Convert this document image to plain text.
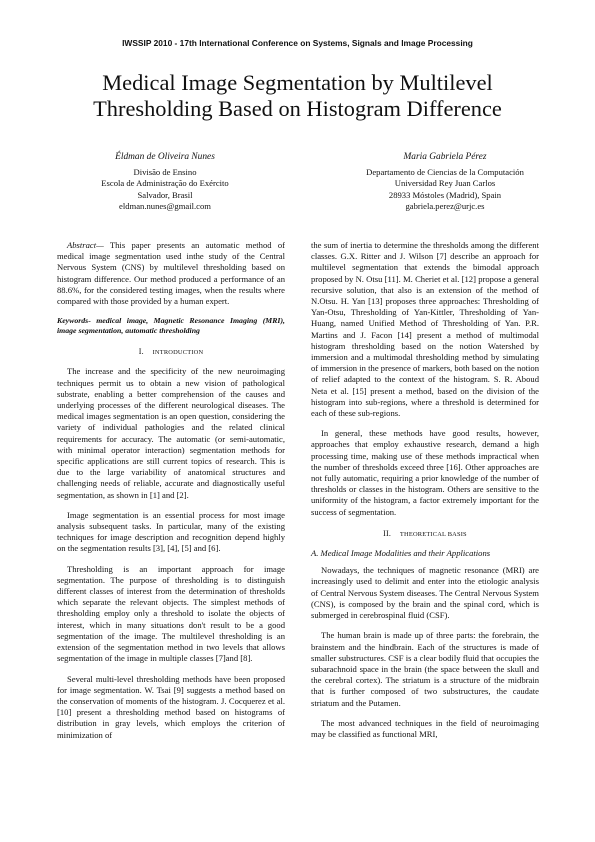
IWSSIP 2010 - 17th International Conference on Systems, Signals and Image Processing
Medical Image Segmentation by Multilevel
Thresholding Based on Histogram Difference
Éldman de Oliveira Nunes
Divisão de Ensino
Escola de Administração do Exército
Salvador, Brasil
eldman.nunes@gmail.com
Maria Gabriela Pérez
Departamento de Ciencias de la Computación
Universidad Rey Juan Carlos
28933 Móstoles (Madrid), Spain
gabriela.perez@urjc.es

Abstract— This paper presents an automatic method of medical image segmentation used inthe study of the Central Nervous System (CNS) by multilevel thresholding based on histogram difference. Our method produced a performance of an 88.6%, for the considered testing images, when the results where compared with those provided by a human expert.

Keywords- medical image, Magnetic Resonance Imaging (MRI), image segmentation, automatic thresholding

I. INTRODUCTION

The increase and the specificity of the new neuroimaging techniques permit us to obtain a new vision of pathological substrate, enabling a better comprehension of the causes and underlying processes of the different neurological diseases. The medical images segmentation is an open question, considering the variety of individual pathologies and the related clinical requirements for accuracy. The automatic (or semi-automatic, with minimal operator interaction) segmentation methods for specific applications are still current topics of research. This is due to the large variability of anatomical structures and challenging needs of reliable, accurate and diagnostically useful segmentation, as shown in [1] and [2].

Image segmentation is an essential process for most image analysis subsequent tasks. In particular, many of the existing techniques for image description and recognition depend highly on the segmentation results [3], [4], [5] and [6].

Thresholding is an important approach for image segmentation. The purpose of thresholding is to distinguish different classes of interest from the determination of thresholds which separate the relevant objects. The simplest methods of thresholding employ only a threshold to isolate the objects of interest, which in many situations don't result to be a good segmentation of the image. The multilevel thresholding is an extension of the segmentation method in two levels that allows segmentation of the image in multiple classes [7]and [8].

Several multi-level thresholding methods have been proposed for image segmentation. W. Tsai [9] suggests a method based on the conservation of moments of the histogram. J. Cocquerez et al. [10] present a thresholding method based on histograms of distribution in gray levels, which employs the criterion of minimization of

the sum of inertia to determine the thresholds among the different classes. G.X. Ritter and J. Wilson [7] describe an approach for multilevel segmentation that extends the bimodal approach proposed by N. Otsu [11]. M. Cheriet et al. [12] propose a general recursive solution, that also is an extension of the method of N.Otsu. H. Yan [13] proposes three approaches: Thresholding of Yan-Otsu, Thresholding of Yan-Kittler, Thresholding of Yan-Huang, named Unified Method of Thresholding of Yan. P.R. Martins and J. Facon [14] present a method of multimodal histogram thresholding based on the notion Watershed by immersion and a multimodal thresholding method by simulating of immersion in the presence of markers, both based on the notion of relief adapted to the context of the histogram. S. R. Aboud Neta et al. [15] present a method, based on the division of the histogram into sub-regions, where a threshold is determined for each of these sub-regions.

In general, these methods have good results, however, approaches that employ exhaustive research, demand a high processing time, making use of these methods impractical when the number of thresholds exceed three [16]. Other approaches are not fully automatic, requiring a prior knowledge of the number of thresholds or classes in the histogram. Others are sensitive to the uniformity of the histogram, a factor extremely important for the success of segmentation.

II. THEORETICAL BASIS
A. Medical Image Modalities and their Applications

Nowadays, the techniques of magnetic resonance (MRI) are increasingly used to delimit and enter into the etiologic analysis of Central Nervous System diseases. The Central Nervous System (CNS), is composed by the brain and the spinal cord, which is submerged in cerebrospinal fluid (CSF).

The human brain is made up of three parts: the forebrain, the brainstem and the hindbrain. Each of the structures is made of smaller substructures. CSF is a clear bodily fluid that occupies the subarachnoid space in the brain (the space between the skull and the cerebral cortex). The striatum is a structure of the midbrain that is further composed of two substructures, the caudate striatum and the Putamen.

The most advanced techniques in the field of neuroimaging may be classified as functional MRI,
